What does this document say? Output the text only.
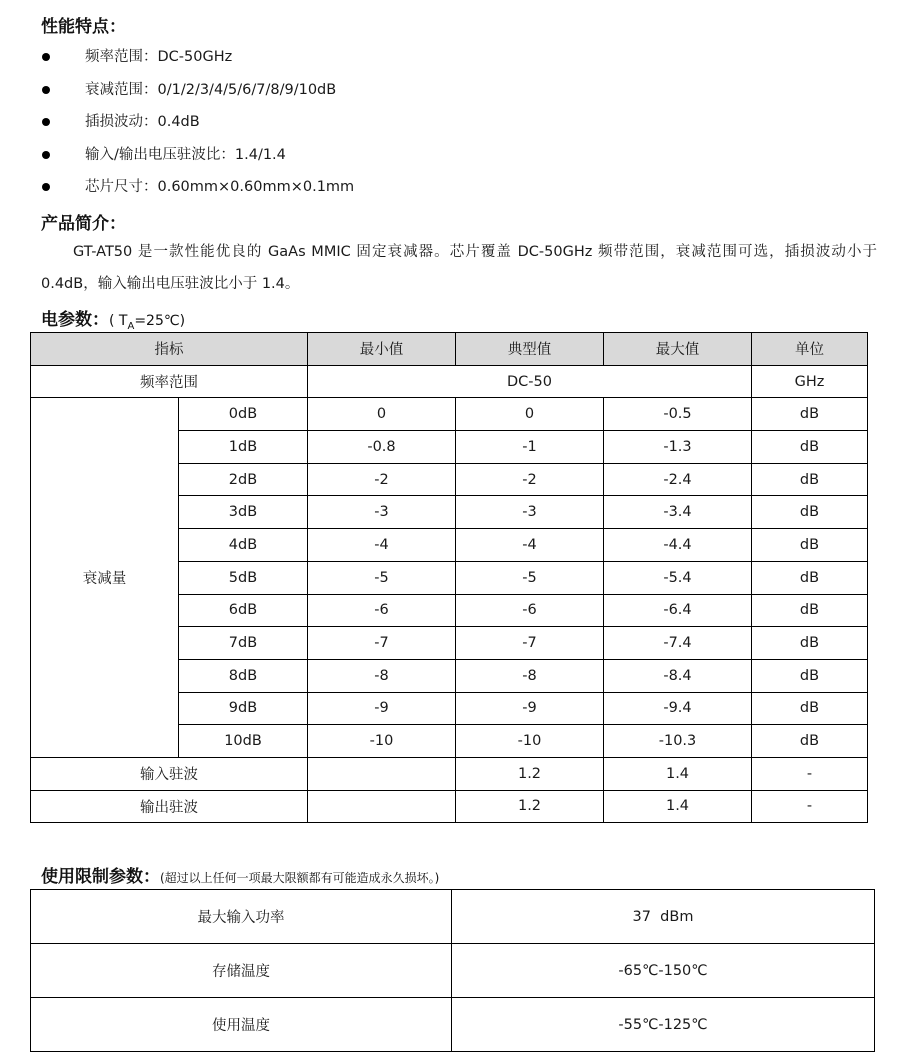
性能特点：
频率范围：DC-50GHz
衰减范围：0/1/2/3/4/5/6/7/8/9/10dB
插损波动：0.4dB
输入/输出电压驻波比：1.4/1.4
芯片尺寸：0.60mm×0.60mm×0.1mm
产品简介：
GT-AT50 是一款性能优良的 GaAs MMIC 固定衰减器。芯片覆盖 DC-50GHz 频带范围，衰减范围可选，插损波动小于 0.4dB，输入输出电压驻波比小于 1.4。
电参数：( $T_A=25℃$)
指标		最小值	典型值	最大值	单位
频率范围		DC-50			GHz
衰减量	0dB	0	0	-0.5	dB
	1dB	-0.8	-1	-1.3	dB
	2dB	-2	-2	-2.4	dB
	3dB	-3	-3	-3.4	dB
	4dB	-4	-4	-4.4	dB
	5dB	-5	-5	-5.4	dB
	6dB	-6	-6	-6.4	dB
	7dB	-7	-7	-7.4	dB
	8dB	-8	-8	-8.4	dB
	9dB	-9	-9	-9.4	dB
	10dB	-10	-10	-10.3	dB
输入驻波			1.2	1.4	-
输出驻波			1.2	1.4	-
使用限制参数：(超过以上任何一项最大限额都有可能造成永久损坏。)
最大输入功率	37  dBm
存储温度	-65℃-150℃
使用温度	-55℃-125℃
